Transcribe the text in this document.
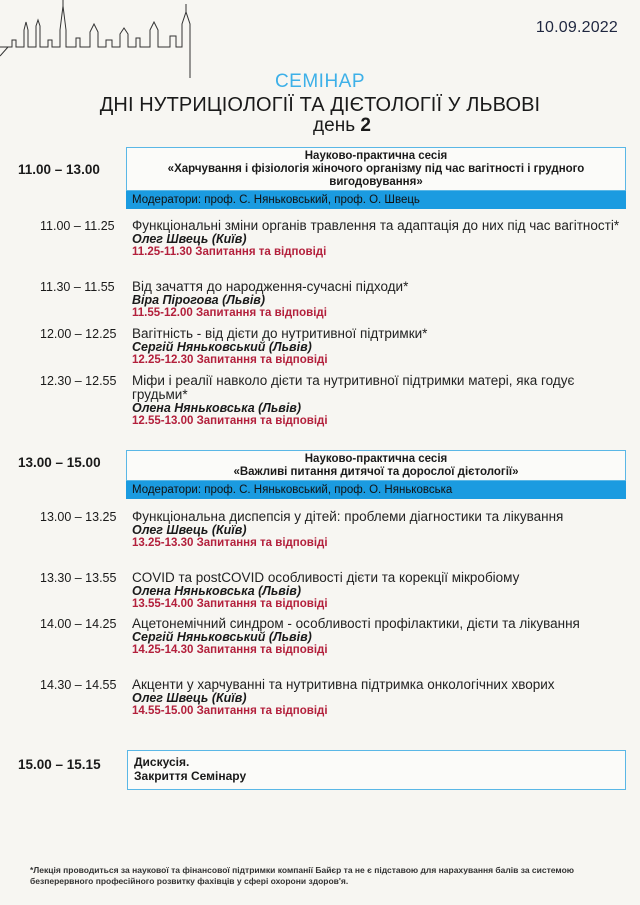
10.09.2022
СЕМІНАР
ДНІ НУТРИЦІОЛОГІЇ ТА ДІЄТОЛОГІЇ У ЛЬВОВІ
день 2
11.00 – 13.00
Науково-практична сесія
«Харчування і фізіологія жіночого організму під час вагітності і грудного вигодовування»
Модератори: проф. С. Няньковський, проф. О. Швець
11.00 – 11.25 Функціональні зміни органів травлення та адаптація до них під час вагітності*
Олег Швець (Київ)
11.25-11.30 Запитання та відповіді
11.30 – 11.55 Від зачаття до народження-сучасні підходи*
Віра Пірогова (Львів)
11.55-12.00 Запитання та відповіді
12.00 – 12.25 Вагітність - від дієти до нутритивної підтримки*
Сергій Няньковський (Львів)
12.25-12.30 Запитання та відповіді
12.30 – 12.55 Міфи і реалії навколо дієти та нутритивної підтримки матері, яка годує грудьми*
Олена Няньковська (Львів)
12.55-13.00 Запитання та відповіді
13.00 – 15.00	Науково-практична сесія
«Важливі питання дитячої та дорослої дієтології»
Модератори: проф. С. Няньковський, проф. О. Няньковська
13.00 – 13.25 Функціональна диспепсія у дітей: проблеми діагностики та лікування
Олег Швець (Київ)
13.25-13.30 Запитання та відповіді
13.30 – 13.55 COVID та postCOVID особливості дієти та корекції мікробіому
Олена Няньковська (Львів)
13.55-14.00 Запитання та відповіді
14.00 – 14.25 Ацетонемічний синдром - особливості профілактики, дієти та лікування
Сергій Няньковський (Львів)
14.25-14.30 Запитання та відповіді
14.30 – 14.55 Акценти у харчуванні та нутритивна підтримка онкологічних хворих
Олег Швець (Київ)
14.55-15.00 Запитання та відповіді
15.00 – 15.15	Дискусія.
Закриття Семінару
*Лекція проводиться за наукової та фінансової підтримки компанії Байєр та не є підставою для нарахування балів за системою безперервного професійного розвитку фахівців у сфері охорони здоров'я.
